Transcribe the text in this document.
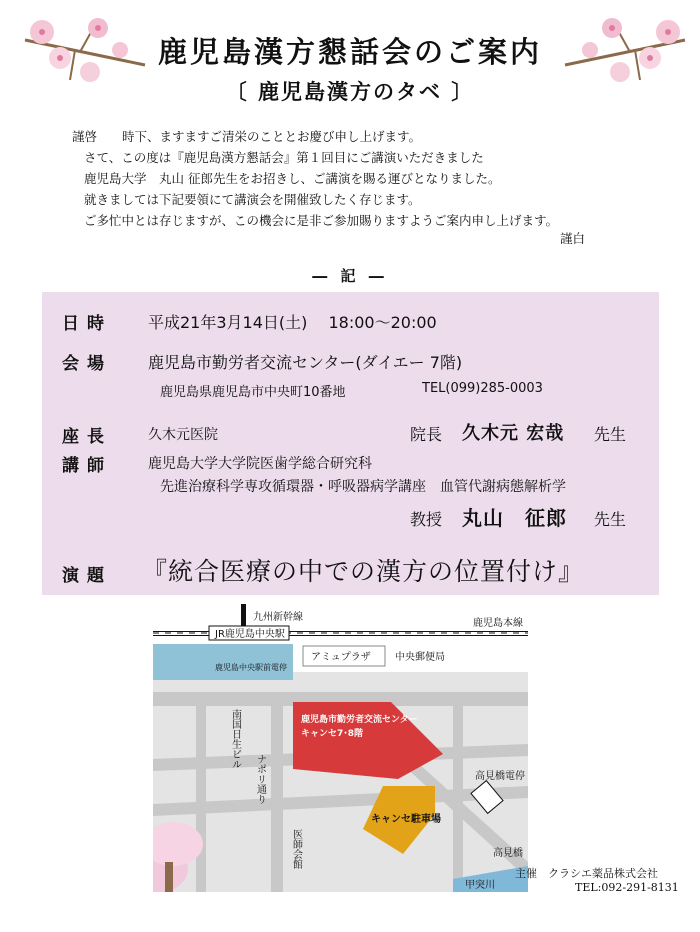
鹿児島漢方懇話会のご案内
〔 鹿児島漢方のタベ 〕
謹啓　　時下、ますますご清栄のこととお慶び申し上げます。
さて、この度は『鹿児島漢方懇話会』第１回目にご講演いただきました
鹿児島大学　丸山 征郎先生をお招きし、ご講演を賜る運びとなりました。
就きましては下記要領にて講演会を開催致したく存じます。
ご多忙中とは存じますが、この機会に是非ご参加賜りますようご案内申し上げます。
謹白
― 記 ―
日時 平成21年3月14日(土)　 18:00〜20:00
会場 鹿児島市勤労者交流センター(ダイエー 7階)
鹿児島県鹿児島市中央町10番地	TEL(099)285-0003
座長	久木元医院	院長 久木元 宏哉 先生
講師	鹿児島大学大学院医歯学総合研究科
先進治療科学専攻循環器・呼吸器病学講座　血管代謝病態解析学
教授 丸山　征郎 先生
演題 『統合医療の中での漢方の位置付け』
九州新幹線
JR鹿児島中央駅
鹿児島本線
鹿児島中央駅前電停
アミュプラザ 中央郵便局
鹿児島市勤労者交流センター
キャンセ7･8階
キャンセ駐車場
高見橋電停
高見橋
甲突川
南国日生ビル
ナポリ通り
医師会館
主催　クラシエ薬品株式会社
TEL:092-291-8131
